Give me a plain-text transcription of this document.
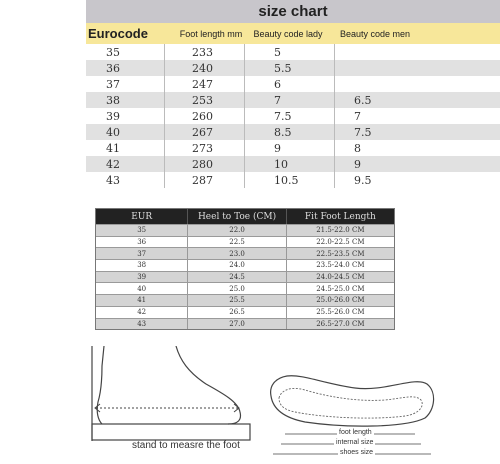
size chart
Eurocode	Foot length mm	Beauty code lady	Beauty code men
35	233	5
36	240	5.5
37	247	6
38	253	7	6.5
39	260	7.5	7
40	267	8.5	7.5
41	273	9	8
42	280	10	9
43	287	10.5	9.5
EUR	Heel to Toe (CM)	Fit Foot Length
35	22.0	21.5-22.0 CM
36	22.5	22.0-22.5 CM
37	23.0	22.5-23.5 CM
38	24.0	23.5-24.0 CM
39	24.5	24.0-24.5 CM
40	25.0	24.5-25.0 CM
41	25.5	25.0-26.0 CM
42	26.5	25.5-26.0 CM
43	27.0	26.5-27.0 CM
stand to measre the foot
foot length
internal size
shoes size
